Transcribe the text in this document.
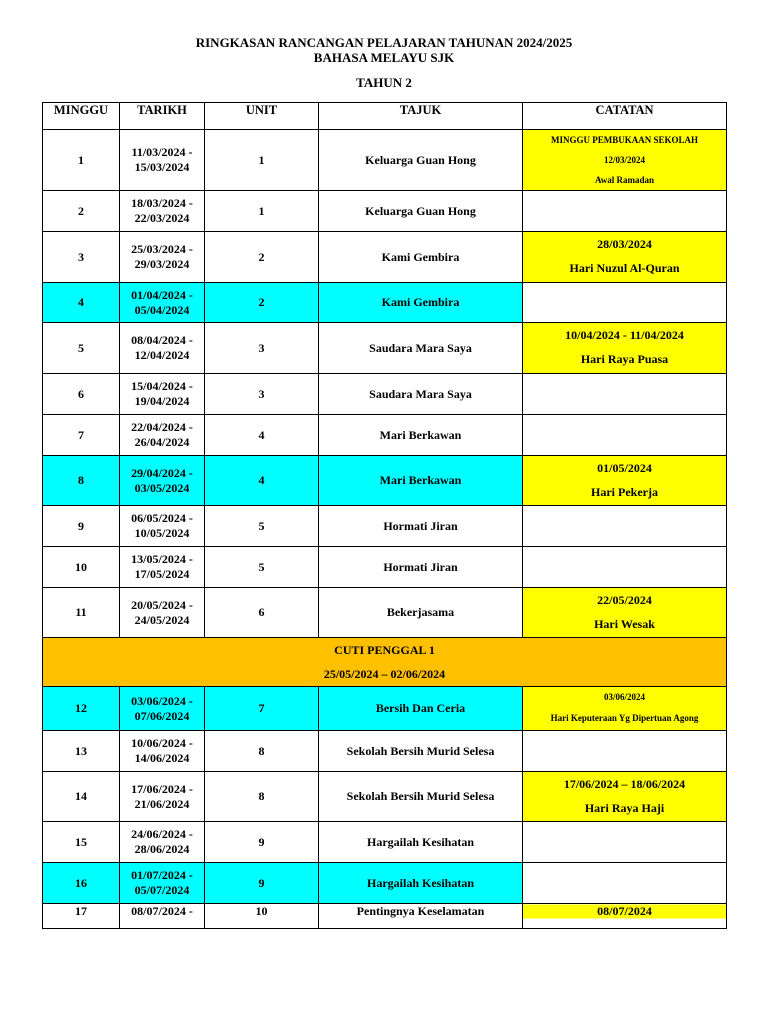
RINGKASAN RANCANGAN PELAJARAN TAHUNAN 2024/2025
BAHASA MELAYU SJK
TAHUN 2
MINGGU	TARIKH	UNIT	TAJUK	CATATAN
1	11/03/2024 -
15/03/2024	1	Keluarga Guan Hong	MINGGU PEMBUKAAN SEKOLAH
12/03/2024
Awal Ramadan

2	18/03/2024 -
22/03/2024	1	Keluarga Guan Hong	
3	25/03/2024 -
29/03/2024	2	Kami Gembira	28/03/2024
Hari Nuzul Al-Quran

4	01/04/2024 -
05/04/2024	2	Kami Gembira	
5	08/04/2024 -
12/04/2024	3	Saudara Mara Saya	10/04/2024 - 11/04/2024
Hari Raya Puasa

6	15/04/2024 -
19/04/2024	3	Saudara Mara Saya	
7	22/04/2024 -
26/04/2024	4	Mari Berkawan	
8	29/04/2024 -
03/05/2024	4	Mari Berkawan	01/05/2024
Hari Pekerja

9	06/05/2024 -
10/05/2024	5	Hormati Jiran	
10	13/05/2024 -
17/05/2024	5	Hormati Jiran	
11	20/05/2024 -
24/05/2024	6	Bekerjasama	22/05/2024
Hari Wesak

CUTI PENGGAL 1
25/05/2024 – 02/06/2024				

12	03/06/2024 -
07/06/2024	7	Bersih Dan Ceria	03/06/2024
Hari Keputeraan Yg Dipertuan Agong

13	10/06/2024 -
14/06/2024	8	Sekolah Bersih Murid Selesa	
14	17/06/2024 -
21/06/2024	8	Sekolah Bersih Murid Selesa	17/06/2024 – 18/06/2024
Hari Raya Haji

15	24/06/2024 -
28/06/2024	9	Hargailah Kesihatan	
16	01/07/2024 -
05/07/2024	9	Hargailah Kesihatan	
17	08/07/2024 -	10	Pentingnya Keselamatan	08/07/2024
